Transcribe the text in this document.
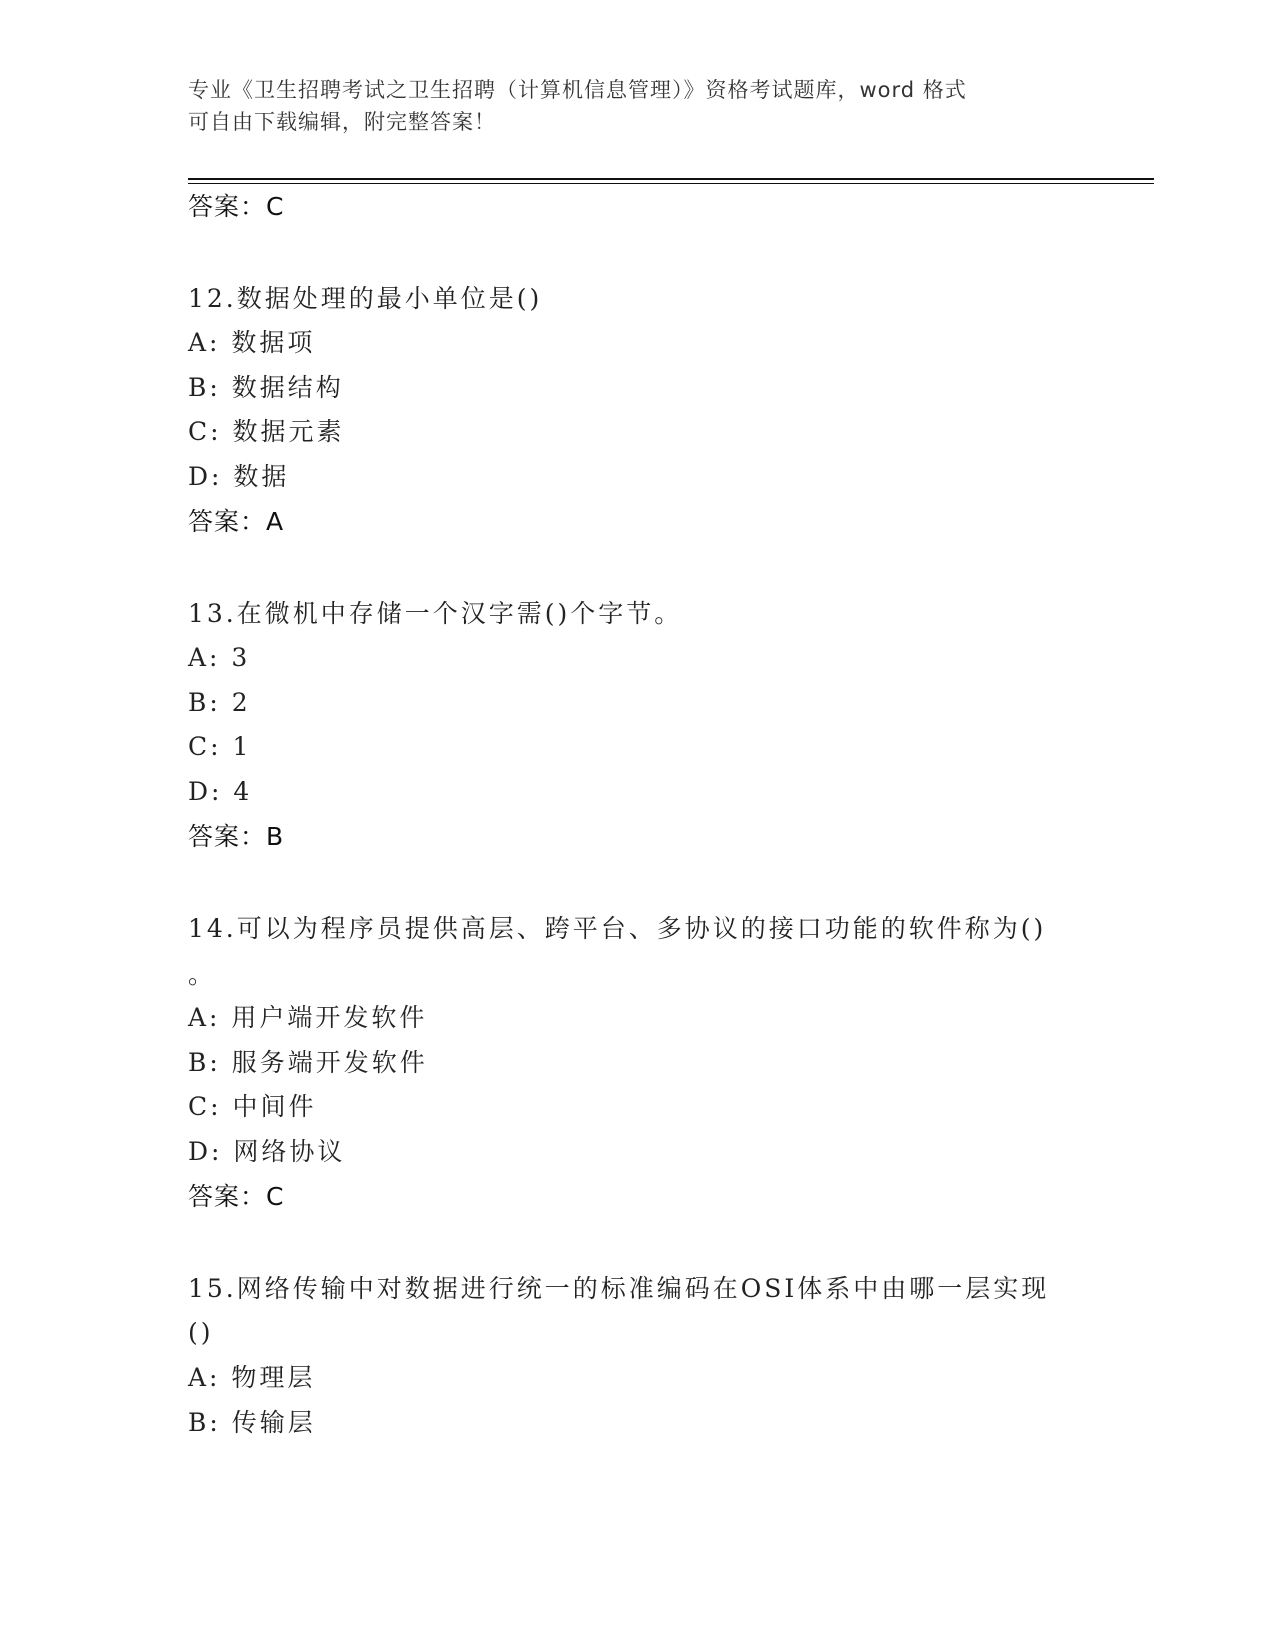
专业《卫生招聘考试之卫生招聘（计算机信息管理）》资格考试题库，word 格式
可自由下载编辑，附完整答案！
答案：C
12.数据处理的最小单位是()
A: 数据项
B: 数据结构
C: 数据元素
D: 数据
答案：A
13.在微机中存储一个汉字需()个字节。
A: 3
B: 2
C: 1
D: 4
答案：B
14.可以为程序员提供高层、跨平台、多协议的接口功能的软件称为()
。
A: 用户端开发软件
B: 服务端开发软件
C: 中间件
D: 网络协议
答案：C
15.网络传输中对数据进行统一的标准编码在OSI体系中由哪一层实现
()
A: 物理层
B: 传输层
